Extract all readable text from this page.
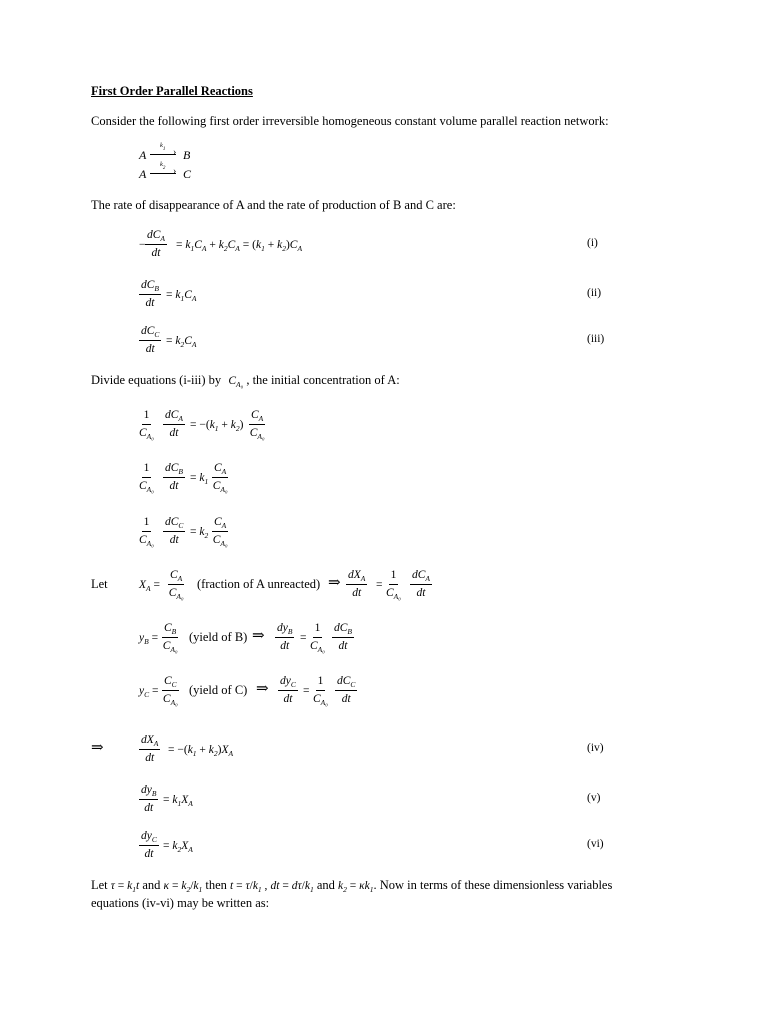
First Order Parallel Reactions
Consider the following first order irreversible homogeneous constant volume parallel reaction network:
A
$k_1$ › B
A
$k_2$ › C
The rate of disappearance of A and the rate of production of B and C are:
−
$dC_A$
dt
= $k_1C_A + k_2C_A = (k_1 + k_2)C_A$	(i)
$dC_B$
dt
= $k_1C_A$	(ii)
$dC_C$
dt
= $k_2C_A$	(iii)
Divide equations (i-iii) by $C_{A_0}$ , the initial concentration of A:
$\frac{1}{C_{A_0}} dC_A$
dt
= $-(k_1 + k_2) \frac{C_A}{C_{A_0}}$
$\frac{1}{C_{A_0}} dC_B$
dt
= $k_1 \frac{C_A}{C_{A_0}}$
$\frac{1}{C_{A_0}} dC_C$
dt
= $k_2 \frac{C_A}{C_{A_0}}$
Let	$X_A = \frac{C_A}{C_{A_0}}$ (fraction of A unreacted) ⇒ $dX_A$
dt
= $\frac{1}{C_{A_0}} dC_A$
dt
$y_B = \frac{C_B}{C_{A_0}}$ (yield of B) ⇒ $dy_B$
dt
= $\frac{1}{C_{A_0}} dC_B$
dt
$y_C = \frac{C_C}{C_{A_0}}$ (yield of C) ⇒ $dy_C$
dt
= $\frac{1}{C_{A_0}} dC_C$
dt
⇒	$dX_A$
dt
= $-(k_1 + k_2)X_A$	(iv)
$dy_B$
dt
= $k_1X_A$	(v)
$dy_C$
dt
= $k_2X_A$	(vi)
Let $\tau = k_1t$ and $\kappa = k_2/k_1$ then $t = \tau/k_1$ , dt = $d\tau/k_1$ and $k_2 = \kappa k_1$. Now in terms of these dimensionless variables
equations (iv-vi) may be written as:
